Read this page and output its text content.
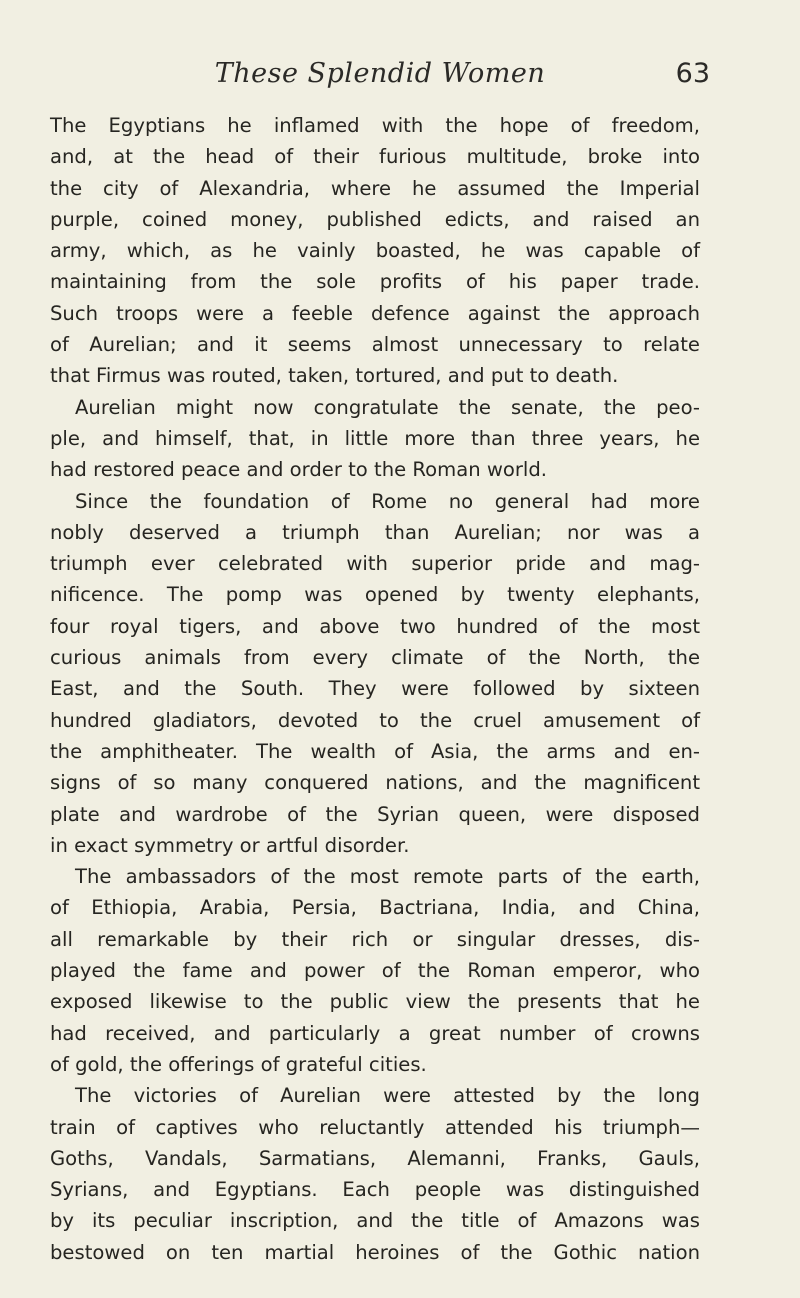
These Splendid Women	63
The Egyptians he inflamed with the hope of freedom,
and, at the head of their furious multitude, broke into
the city of Alexandria, where he assumed the Imperial
purple, coined money, published edicts, and raised an
army, which, as he vainly boasted, he was capable of
maintaining from the sole profits of his paper trade.
Such troops were a feeble defence against the approach
of Aurelian; and it seems almost unnecessary to relate
that Firmus was routed, taken, tortured, and put to death.
Aurelian might now congratulate the senate, the peo-
ple, and himself, that, in little more than three years, he
had restored peace and order to the Roman world.
Since the foundation of Rome no general had more
nobly deserved a triumph than Aurelian; nor was a
triumph ever celebrated with superior pride and mag-
nificence. The pomp was opened by twenty elephants,
four royal tigers, and above two hundred of the most
curious animals from every climate of the North, the
East, and the South. They were followed by sixteen
hundred gladiators, devoted to the cruel amusement of
the amphitheater. The wealth of Asia, the arms and en-
signs of so many conquered nations, and the magnificent
plate and wardrobe of the Syrian queen, were disposed
in exact symmetry or artful disorder.
The ambassadors of the most remote parts of the earth,
of Ethiopia, Arabia, Persia, Bactriana, India, and China,
all remarkable by their rich or singular dresses, dis-
played the fame and power of the Roman emperor, who
exposed likewise to the public view the presents that he
had received, and particularly a great number of crowns
of gold, the offerings of grateful cities.
The victories of Aurelian were attested by the long
train of captives who reluctantly attended his triumph—
Goths, Vandals, Sarmatians, Alemanni, Franks, Gauls,
Syrians, and Egyptians. Each people was distinguished
by its peculiar inscription, and the title of Amazons was
bestowed on ten martial heroines of the Gothic nation
